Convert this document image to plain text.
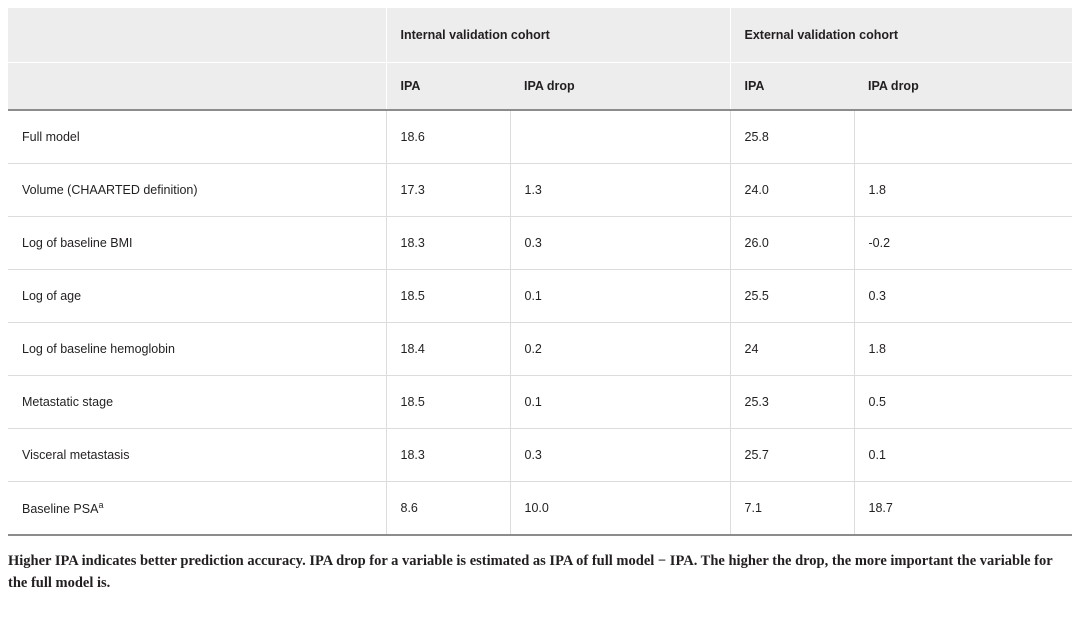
	Internal validation cohort		External validation cohort	
	IPA	IPA drop	IPA	IPA drop
Full model	18.6		25.8	
Volume (CHAARTED definition)	17.3	1.3	24.0	1.8
Log of baseline BMI	18.3	0.3	26.0	-0.2
Log of age	18.5	0.1	25.5	0.3
Log of baseline hemoglobin	18.4	0.2	24	1.8
Metastatic stage	18.5	0.1	25.3	0.5
Visceral metastasis	18.3	0.3	25.7	0.1
Baseline PSA$^a$	8.6	10.0	7.1	18.7
Higher IPA indicates better prediction accuracy. IPA drop for a variable is estimated as IPA of full model − IPA. The higher the drop, the more important the variable for the full model is.
